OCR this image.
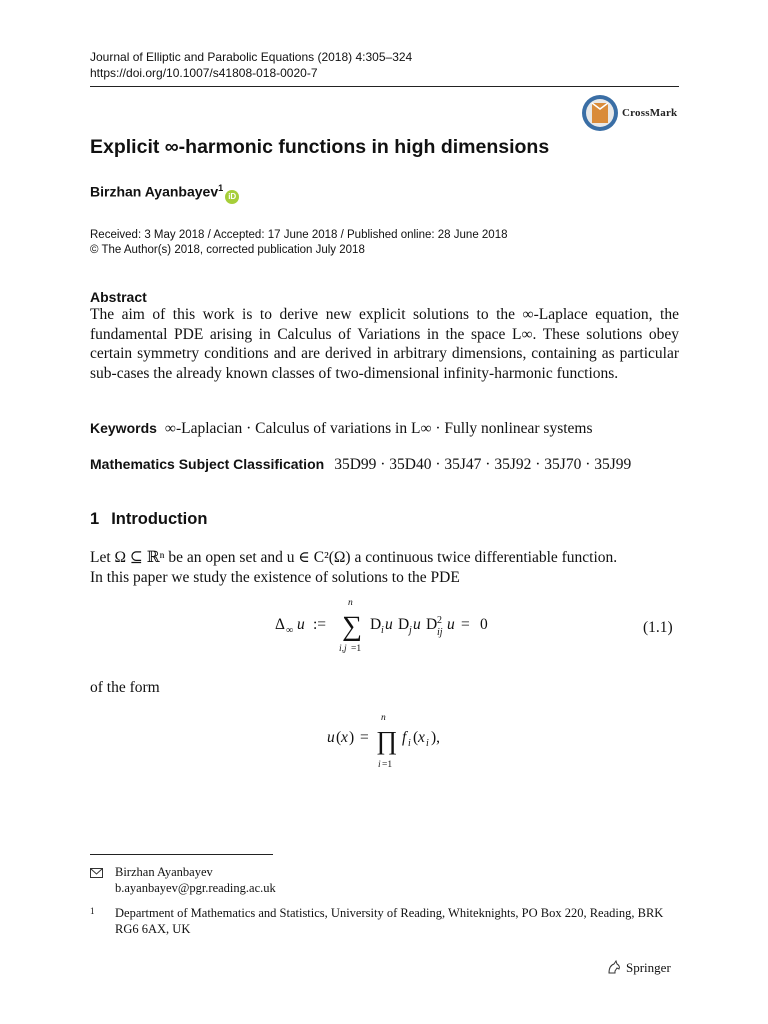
Journal of Elliptic and Parabolic Equations (2018) 4:305–324
https://doi.org/10.1007/s41808-018-0020-7
CrossMark
Explicit ∞-harmonic functions in high dimensions
Birzhan Ayanbayev$^1$iD
Received: 3 May 2018 / Accepted: 17 June 2018 / Published online: 28 June 2018
© The Author(s) 2018, corrected publication July 2018
Abstract
The aim of this work is to derive new explicit solutions to the ∞-Laplace equation, the fundamental PDE arising in Calculus of Variations in the space L∞. These solutions obey certain symmetry conditions and are derived in arbitrary dimensions, containing as particular sub-cases the already known classes of two-dimensional infinity-harmonic functions.
Keywords ∞-Laplacian · Calculus of variations in L∞ · Fully nonlinear systems
Mathematics Subject Classification 35D99 · 35D40 · 35J47 · 35J92 · 35J70 · 35J99
1 Introduction
Let Ω ⊆ ℝⁿ be an open set and u ∈ C²(Ω) a continuous twice differentiable function.
In this paper we study the existence of solutions to the PDE
Δ ∞ u :=
n
∑
i,j =1
D i u D j u D 2
ij u = 0	(1.1)
of the form
u ( x ) =
n
∏
i =1
f i ( x i ),
Birzhan Ayanbayev
b.ayanbayev@pgr.reading.ac.uk
1 Department of Mathematics and Statistics, University of Reading, Whiteknights, PO Box 220, Reading, BRK RG6 6AX, UK
Springer
